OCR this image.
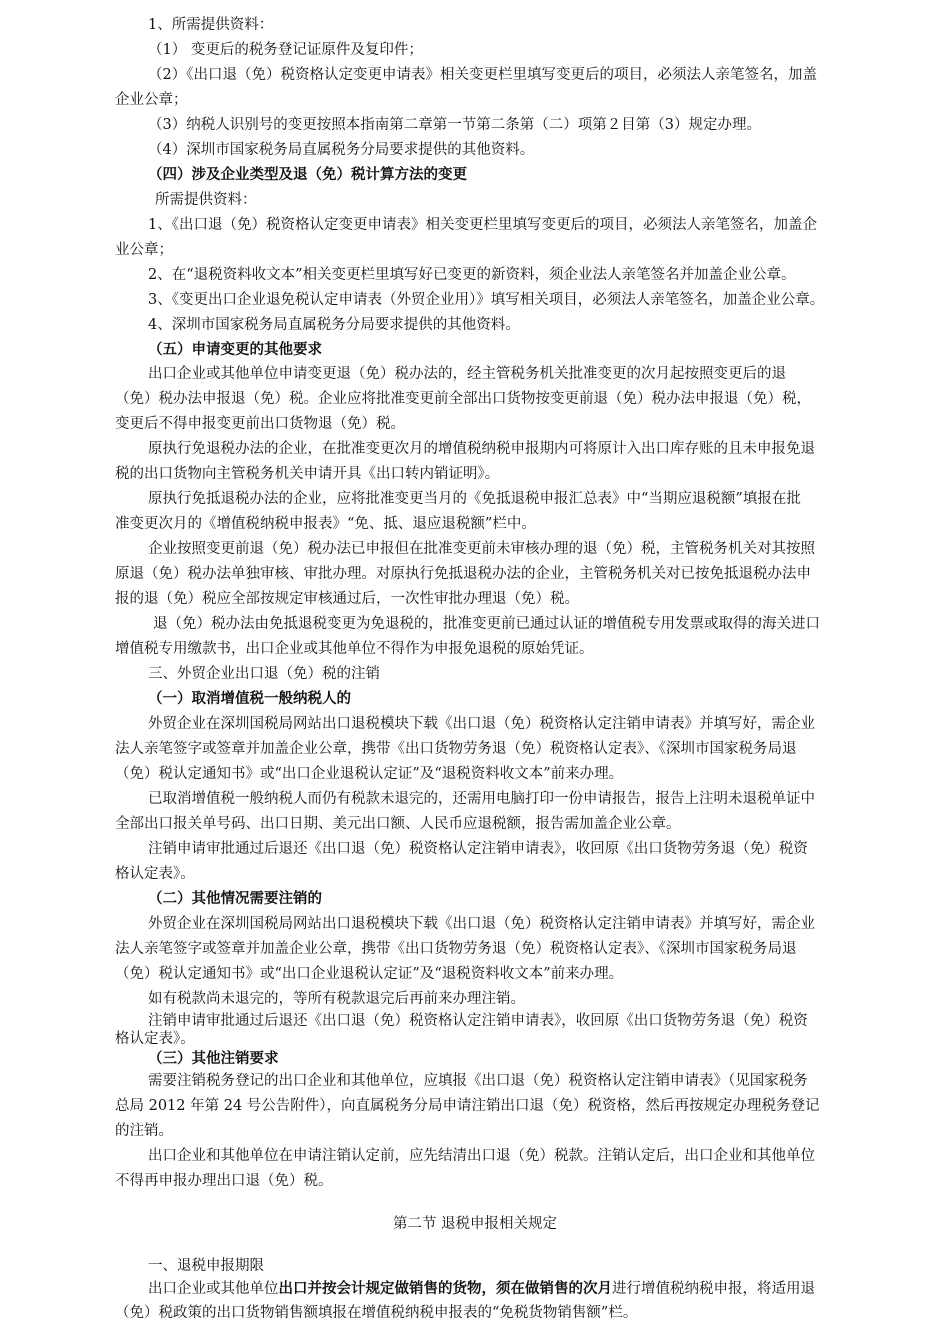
1、所需提供资料：
（1） 变更后的税务登记证原件及复印件；
（2）《出口退（免）税资格认定变更申请表》相关变更栏里填写变更后的项目，必须法人亲笔签名，加盖
企业公章；
（3）纳税人识别号的变更按照本指南第二章第一节第二条第（二）项第２目第（3）规定办理。
（4）深圳市国家税务局直属税务分局要求提供的其他资料。
（四）涉及企业类型及退（免）税计算方法的变更
所需提供资料：
1、《出口退（免）税资格认定变更申请表》相关变更栏里填写变更后的项目，必须法人亲笔签名，加盖企
业公章；
2、在“退税资料收文本”相关变更栏里填写好已变更的新资料，须企业法人亲笔签名并加盖企业公章。
3、《变更出口企业退免税认定申请表（外贸企业用）》填写相关项目，必须法人亲笔签名，加盖企业公章。
4、深圳市国家税务局直属税务分局要求提供的其他资料。
（五）申请变更的其他要求
出口企业或其他单位申请变更退（免）税办法的，经主管税务机关批准变更的次月起按照变更后的退
（免）税办法申报退（免）税。企业应将批准变更前全部出口货物按变更前退（免）税办法申报退（免）税，
变更后不得申报变更前出口货物退（免）税。
原执行免退税办法的企业，在批准变更次月的增值税纳税申报期内可将原计入出口库存账的且未申报免退
税的出口货物向主管税务机关申请开具《出口转内销证明》。
原执行免抵退税办法的企业，应将批准变更当月的《免抵退税申报汇总表》中“当期应退税额”填报在批
准变更次月的《增值税纳税申报表》“免、抵、退应退税额”栏中。
企业按照变更前退（免）税办法已申报但在批准变更前未审核办理的退（免）税，主管税务机关对其按照
原退（免）税办法单独审核、审批办理。对原执行免抵退税办法的企业，主管税务机关对已按免抵退税办法申
报的退（免）税应全部按规定审核通过后，一次性审批办理退（免）税。
退（免）税办法由免抵退税变更为免退税的，批准变更前已通过认证的增值税专用发票或取得的海关进口
增值税专用缴款书，出口企业或其他单位不得作为申报免退税的原始凭证。
三、外贸企业出口退（免）税的注销
（一）取消增值税一般纳税人的
外贸企业在深圳国税局网站出口退税模块下载《出口退（免）税资格认定注销申请表》并填写好，需企业
法人亲笔签字或签章并加盖企业公章，携带《出口货物劳务退（免）税资格认定表》、《深圳市国家税务局退
（免）税认定通知书》或“出口企业退税认定证”及“退税资料收文本”前来办理。
已取消增值税一般纳税人而仍有税款未退完的，还需用电脑打印一份申请报告，报告上注明未退税单证中
全部出口报关单号码、出口日期、美元出口额、人民币应退税额，报告需加盖企业公章。
注销申请审批通过后退还《出口退（免）税资格认定注销申请表》，收回原《出口货物劳务退（免）税资
格认定表》。
（二）其他情况需要注销的
外贸企业在深圳国税局网站出口退税模块下载《出口退（免）税资格认定注销申请表》并填写好，需企业
法人亲笔签字或签章并加盖企业公章，携带《出口货物劳务退（免）税资格认定表》、《深圳市国家税务局退
（免）税认定通知书》或“出口企业退税认定证”及“退税资料收文本”前来办理。
如有税款尚未退完的，等所有税款退完后再前来办理注销。
注销申请审批通过后退还《出口退（免）税资格认定注销申请表》，收回原《出口货物劳务退（免）税资
格认定表》。
（三）其他注销要求
需要注销税务登记的出口企业和其他单位，应填报《出口退（免）税资格认定注销申请表》（见国家税务
总局 2012 年第 24 号公告附件），向直属税务分局申请注销出口退（免）税资格，然后再按规定办理税务登记
的注销。
出口企业和其他单位在申请注销认定前，应先结清出口退（免）税款。注销认定后，出口企业和其他单位
不得再申报办理出口退（免）税。
第二节 退税申报相关规定
一、退税申报期限
出口企业或其他单位出口并按会计规定做销售的货物，须在做销售的次月进行增值税纳税申报，将适用退
（免）税政策的出口货物销售额填报在增值税纳税申报表的“免税货物销售额”栏。
